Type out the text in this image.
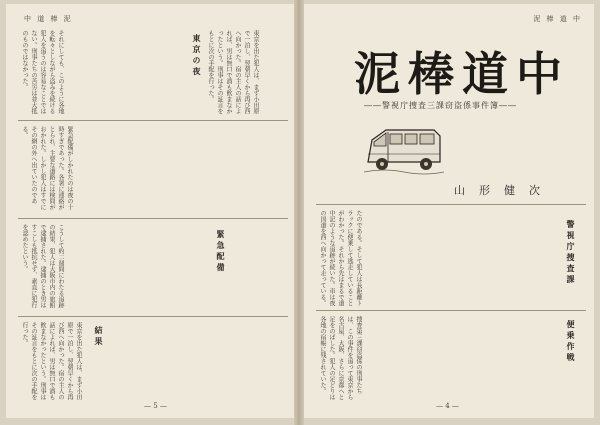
中 道 棒 泥
東京を出た犯人は、まず小田原で一泊し、翌朝早くから再び西へ向かった。宿の主人の話によれば、男は無口で酒も飲まなかったという。刑事はその証言をもとに次の手配を行った。
東京の夜
それにしても、このように各地を転々としながら盗みを続ける犯人を追うのは容易なことではない。刑事たちの苦労は並大抵のものではなかった。
緊急配備がしかれたのは夜の十時すぎであった。各署に連絡がとられ、主要な道路には検問がおかれた。しかし犯人はすでにその網の外へ出ていたのである。
緊急配備
こうして約二週間にわたる追跡の結果、犯人は大阪市内の旅館で逮捕された。逮捕のとき男はすこしも抵抗せず、素直に犯行を認めたという。
東京を出た犯人は、まず小田原で一泊し、翌朝早くから再び西へ向かった。宿の主人の話によれば、男は無口で酒も飲まなかったという。刑事はその証言をもとに次の手配を行った。	結果
— 5 —
泥 棒 道 中
泥棒道中
――警視庁捜査三課窃盗係事件簿――
山形健次
たのである。そして犯人は長距離トラックに便乗して逃走していることがわかった。それから先はまるで道中記のような追跡が続いた。車は夜の国道を西へ向かって走っている。	警視庁捜査課
捜査第三課窃盗係の刑事たちは、この事件を追って東京から名古屋、大阪、さらに京都へと足をのばした。犯人の足どりは各地の宿帳に残されていた。	便乗作戦
— 4 —
